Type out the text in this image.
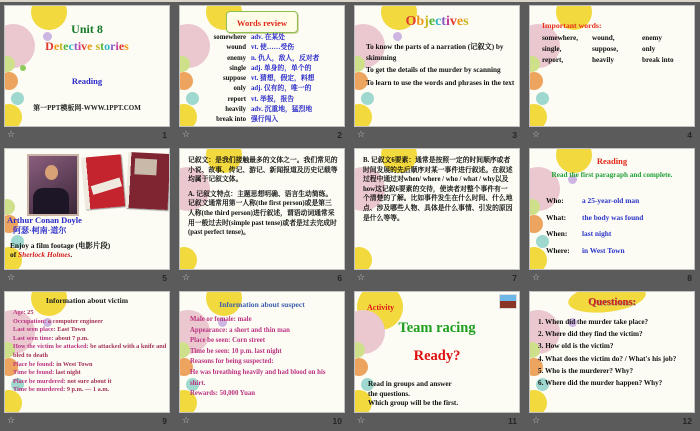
Unit 8
Detective stories
Reading
第一PPT模板网-WWW.1PPT.COM
☆	1
Words review
somewhere adv. 在某处
wound vt. 使……受伤
enemy n. 仇人，敌人，反对者
single adj. 单身的，单个的
suppose vt. 猜想，假定，料想
only adj. 仅有的，唯一的
report vt. 举报，报告
heavily adv. 沉重地，猛烈地
break into 强行闯入
☆	2
Objectives
To know the parts of a narration (记叙文) by skimming
To get the details of the murder by scanning
To learn to use the words and phrases in the text
☆	3
Important words:
somewhere,	wound,	enemy
single,	suppose,	only
report,	heavily	break into
☆	4
Arthur Conan Doyle
阿瑟·柯南·道尔
Enjoy a film footage (电影片段)
of Sherlock Holmes.
☆	5
记叙文：是我们接触最多的文体之一。我们常见的小说、故事、传记、游记、新闻报道及历史记载等均属于记叙文体。
A. 记叙文特点：主题思想明确、语言生动简练。记叙文通常用第一人称(the first person)或是第三人称(the third person)进行叙述，谓语动词通常采用一般过去时(simple past tense)或者是过去完成时(past perfect tense)。
☆	6
B. 记叙文6要素：通常是按照一定的时间顺序或者时间发展的先后顺序对某一事件进行叙述。在叙述过程中通过对when/ where / who / what / why以及how这记叙6要素的交待，使读者对整个事件有一个清楚的了解。比如事件发生在什么时间、什么地点、涉及哪些人物、具体是什么事情、引发的原因是什么等等。
☆	7
Reading
Read the first paragraph and complete.
Who:	a 25-year-old man
What:	the body was found
When:	last night
Where:	in West Town
☆	8
Information about victim
Age: 25
Occupation: a computer engineer
Last seen place: East Town
Last seen time: about 7 p.m.
How the victim be attacked: be attacked with a knife and bled to death
Place be found: in West Town
Time be found: last night
Place be murdered: not sure about it
Time be murdered: 9 p.m. — 1 a.m.
☆	9
Information about suspect
Male or female: male
Appearance: a short and thin man
Place be seen: Corn street
Time be seen: 10 p.m. last night
Reasons for being suspected:
He was breathing heavily and had blood on his shirt.
Rewards: 50,000 Yuan
☆	10
Activity
Team racing
Ready?
Read in groups and answer
the questions.
Which group will be the first.
☆	11
Questions:
1. When did the murder take place?
2. Where did they find the victim?
3. How old is the victim?
4. What does the victim do? / What's his job?
5. Who is the murderer? Why?
6. Where did the murder happen? Why?
☆	12
